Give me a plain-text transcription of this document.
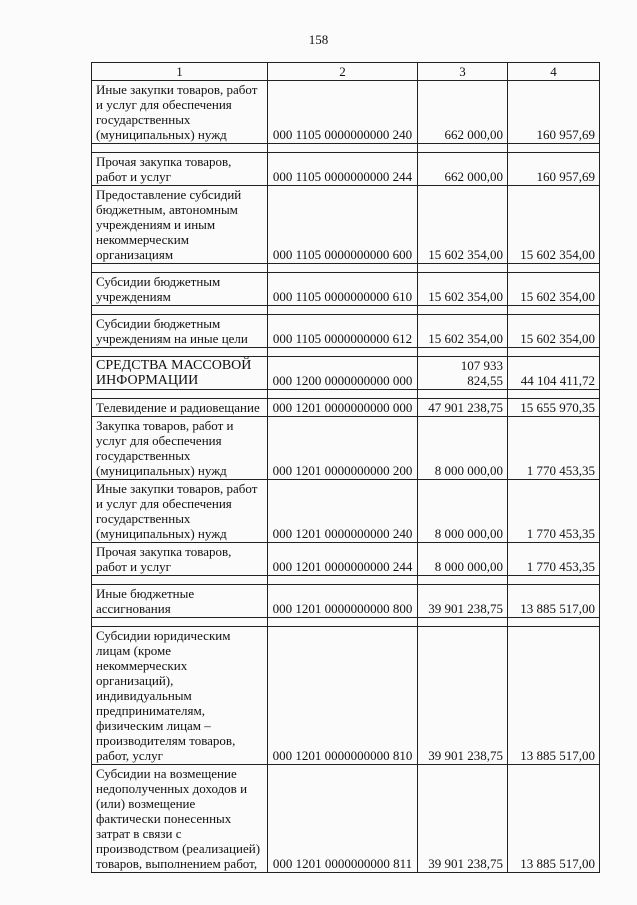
158
1	2	3	4
Иные закупки товаров, работ и услуг для обеспечения государственных (муниципальных) нужд	000 1105 0000000000 240	662 000,00	160 957,69

Прочая закупка товаров, работ и услуг	000 1105 0000000000 244	662 000,00	160 957,69
Предоставление субсидий бюджетным, автономным учреждениям и иным некоммерческим организациям	000 1105 0000000000 600	15 602 354,00	15 602 354,00

Субсидии бюджетным учреждениям	000 1105 0000000000 610	15 602 354,00	15 602 354,00

Субсидии бюджетным учреждениям на иные цели	000 1105 0000000000 612	15 602 354,00	15 602 354,00

СРЕДСТВА МАССОВОЙ ИНФОРМАЦИИ	000 1200 0000000000 000	107 933 824,55	44 104 411,72

Телевидение и радиовещание	000 1201 0000000000 000	47 901 238,75	15 655 970,35
Закупка товаров, работ и услуг для обеспечения государственных (муниципальных) нужд	000 1201 0000000000 200	8 000 000,00	1 770 453,35
Иные закупки товаров, работ и услуг для обеспечения государственных (муниципальных) нужд	000 1201 0000000000 240	8 000 000,00	1 770 453,35
Прочая закупка товаров, работ и услуг	000 1201 0000000000 244	8 000 000,00	1 770 453,35

Иные бюджетные ассигнования	000 1201 0000000000 800	39 901 238,75	13 885 517,00

Субсидии юридическим лицам (кроме некоммерческих организаций), индивидуальным предпринимателям, физическим лицам – производителям товаров, работ, услуг	000 1201 0000000000 810	39 901 238,75	13 885 517,00
Субсидии на возмещение недополученных доходов и (или) возмещение фактически понесенных затрат в связи с производством (реализацией) товаров, выполнением работ,	000 1201 0000000000 811	39 901 238,75	13 885 517,00
